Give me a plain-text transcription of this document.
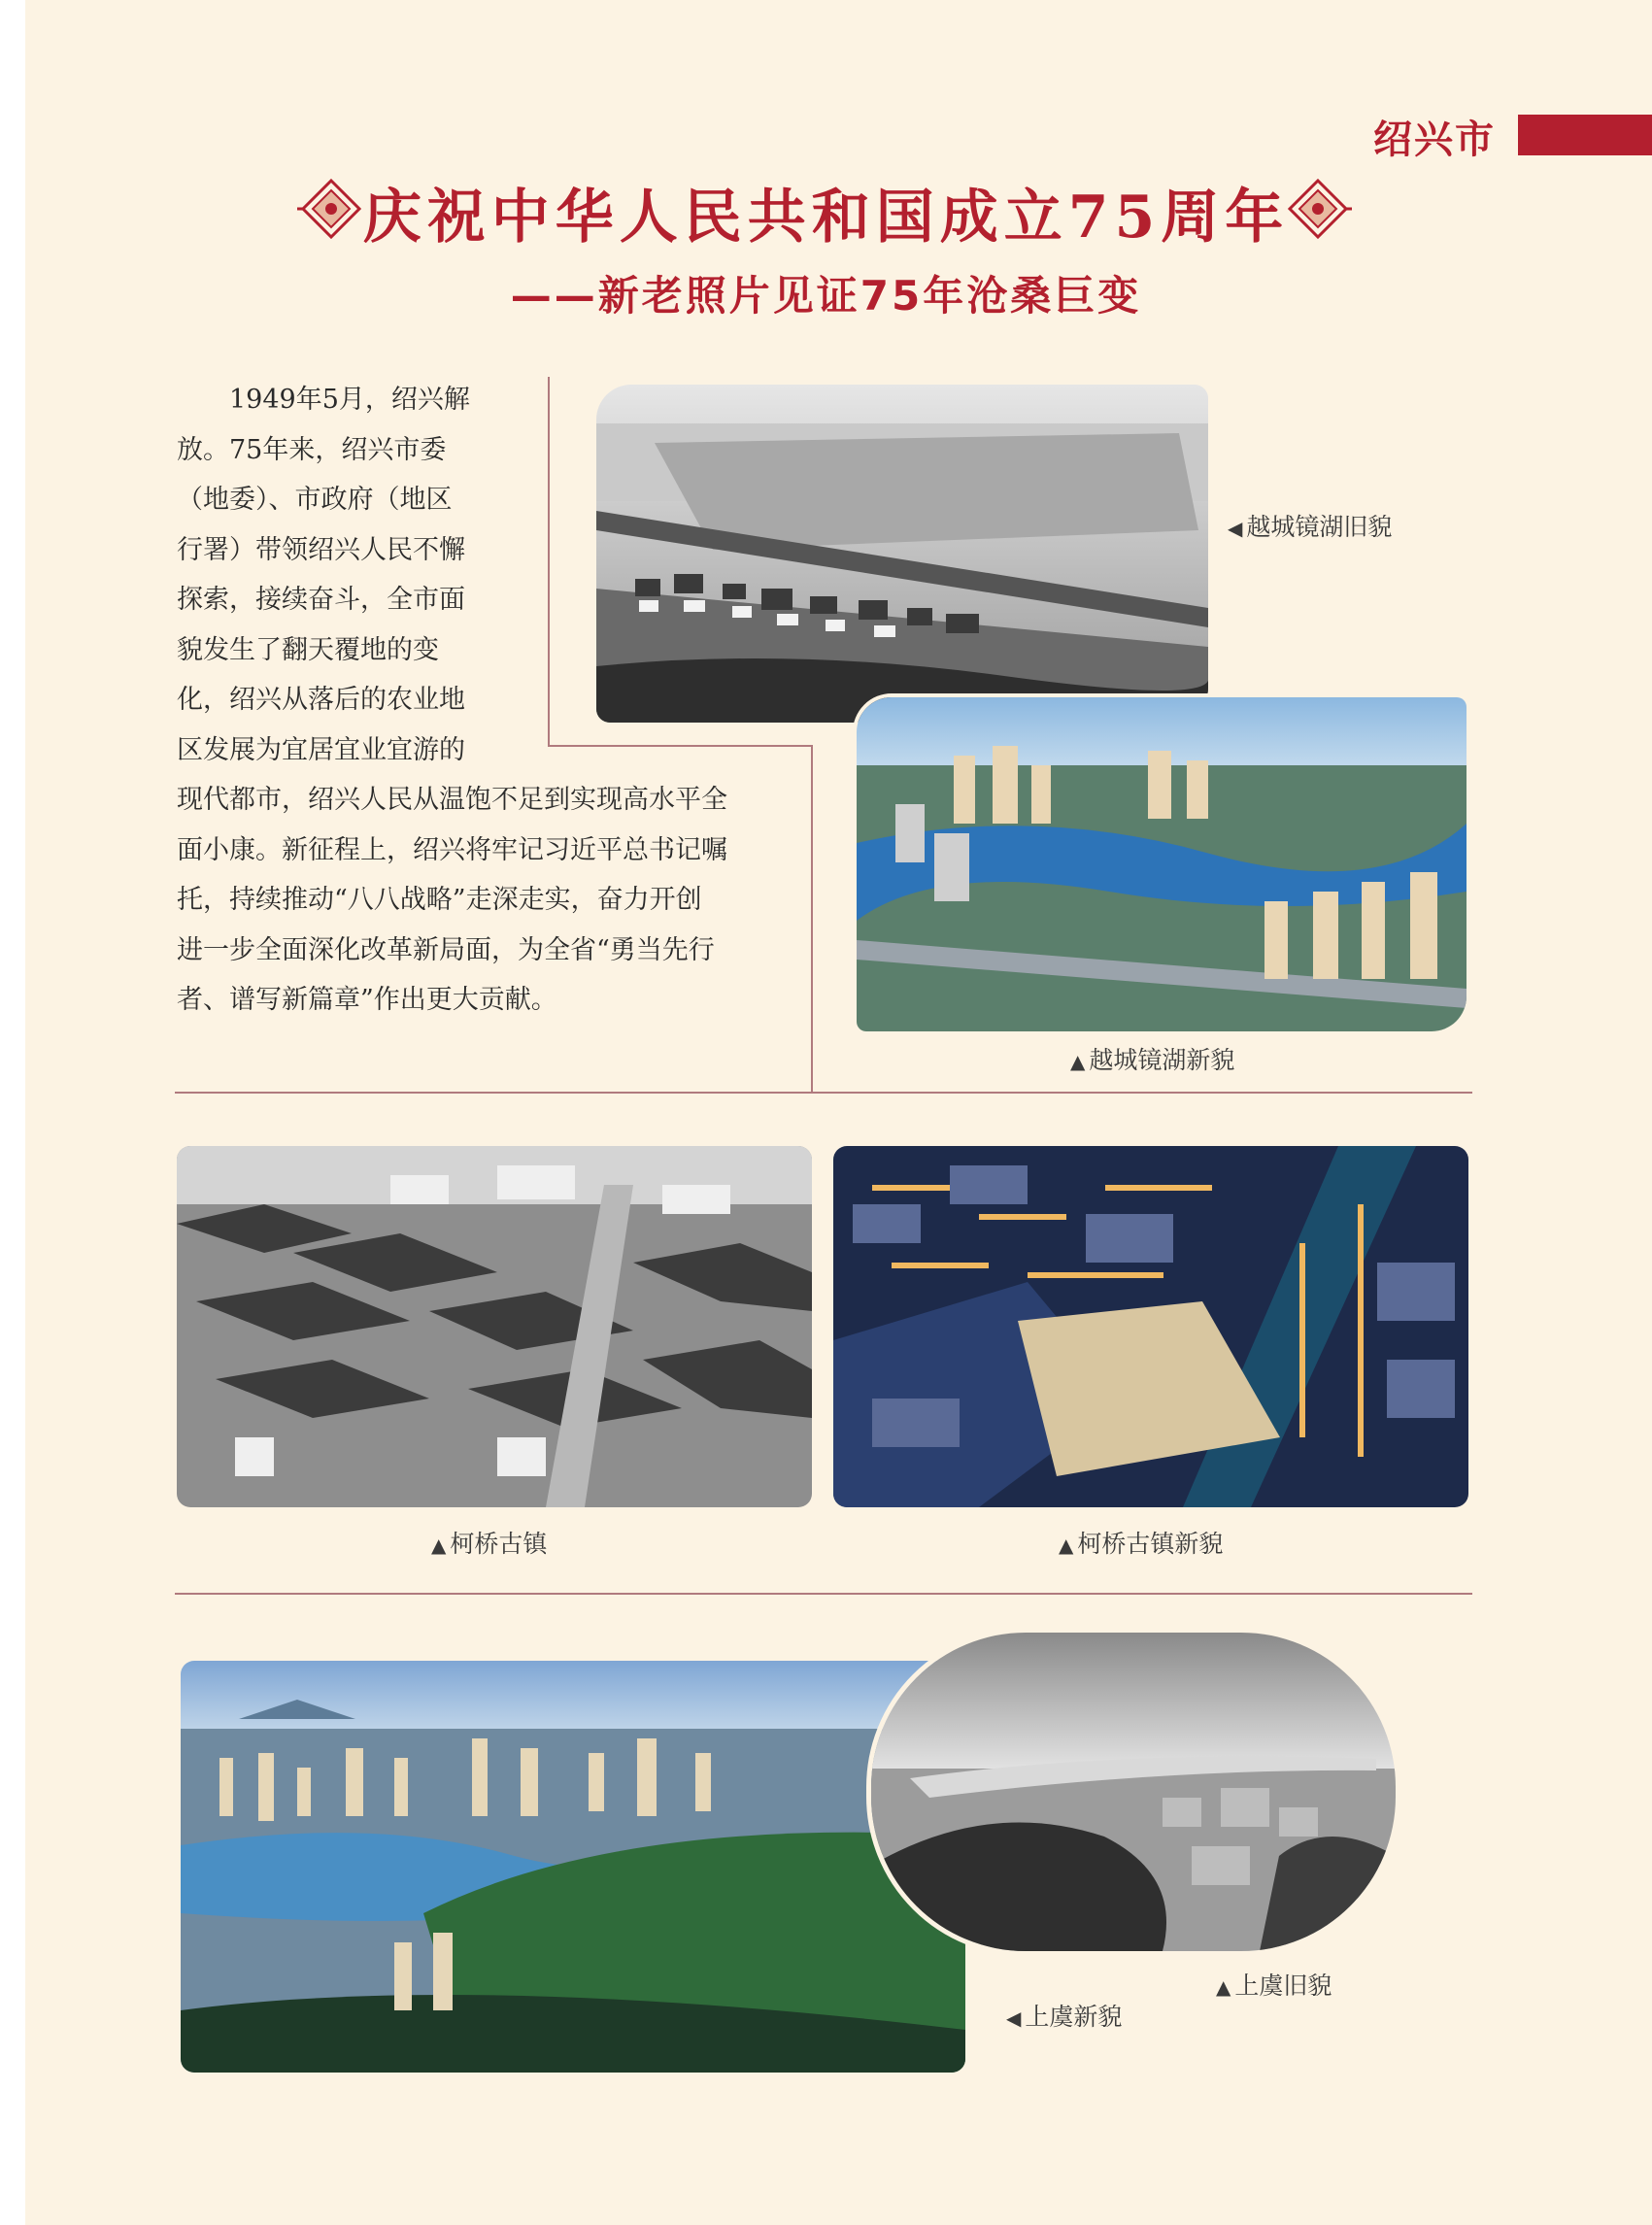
绍兴市
庆祝中华人民共和国成立75周年
——新老照片见证75年沧桑巨变
　　1949年5月，绍兴解
放。75年来，绍兴市委
（地委）、市政府（地区
行署）带领绍兴人民不懈
探索，接续奋斗，全市面
貌发生了翻天覆地的变
化，绍兴从落后的农业地
区发展为宜居宜业宜游的
现代都市，绍兴人民从温饱不足到实现高水平全
面小康。新征程上，绍兴将牢记习近平总书记嘱
托，持续推动“八八战略”走深走实，奋力开创
进一步全面深化改革新局面，为全省“勇当先行
者、谱写新篇章”作出更大贡献。
◀ 越城镜湖旧貌
▲ 越城镜湖新貌
▲ 柯桥古镇	▲ 柯桥古镇新貌
▲ 上虞旧貌
◀ 上虞新貌
